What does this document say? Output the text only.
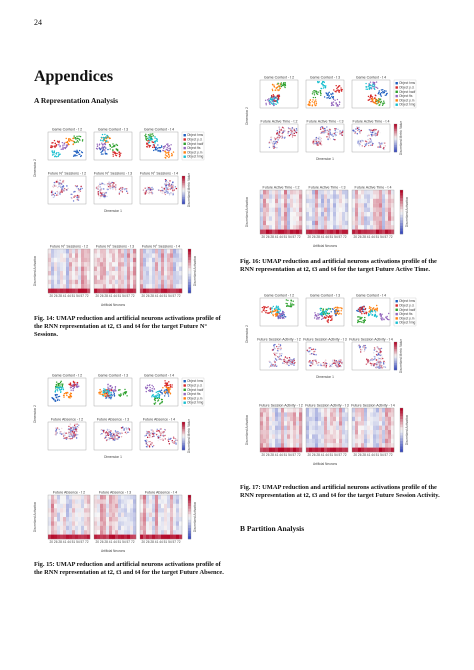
24
Appendices
A Representation Analysis
Game Context - t 2	Game Context - t 3	Game Context - t 4
Object hms
Object p.d.
Object hadf
Object fts
Object p.m
Object hmg
Future N° Sessions - t 2 Future N° Sessions - t 3 Future N° Sessions - t 4	Discretized Metric Value
Dimension 1
Dimension 2
Future N° Sessions - t 2
20 26 28 41 44 51 54 57 72
Future N° Sessions - t 3
20 26 28 41 44 51 54 57 72
Future N° Sessions - t 4
20 26 28 41 44 51 54 57 72
Discretized Activation
Discretized Activation
Artificial Neurons
Fig. 14: UMAP reduction and artificial neurons activations profile of the RNN representation at t2, t3 and t4 for the target Future N° Sessions.
Game Context - t 2	Game Context - t 3	Game Context - t 4
Object hms
Object p.d.
Object hadf
Object fts
Object p.m
Object hmg
Future Absence - t 2	Future Absence - t 3	Future Absence - t 4	Discretized Metric Value
Dimension 1
Dimension 2
Future Absence - t 2
20 26 28 41 44 51 54 57 72
Future Absence - t 3
20 26 28 41 44 51 54 57 72
Future Absence - t 4
20 26 28 41 44 51 54 57 72
Discretized Activation
Discretized Activation
Artificial Neurons
Fig. 15: UMAP reduction and artificial neurons activations profile of the RNN representation at t2, t3 and t4 for the target Future Absence.
Game Context - t 2	Game Context - t 3	Game Context - t 4
Object hms
Object p.d.
Object hadf
Object fts
Object p.m
Object hmg
Future Active Time - t 2	Future Active Time - t 3	Future Active Time - t 4	Discretized Metric Value
Dimension 1
Dimension 2
Future Active Time - t 2
20 26 28 41 44 51 54 57 72
Future Active Time - t 3
20 26 28 41 44 51 54 57 72
Future Active Time - t 4
20 26 28 41 44 51 54 57 72
Discretized Activation
Discretized Activation
Artificial Neurons
Fig. 16: UMAP reduction and artificial neurons activations profile of the RNN representation at t2, t3 and t4 for the target Future Active Time.
Game Context - t 2	Game Context - t 3	Game Context - t 4
Object hms
Object p.d.
Object hadf
Object fts
Object p.m
Object hmg
Future Session Activity - t 2 Future Session Activity - t 3 Future Session Activity - t 4 Discretized Metric Value
Dimension 1
Dimension 2
Future Session Activity - t 2
20 26 28 41 44 51 54 57 72
Future Session Activity - t 3
20 26 28 41 44 51 54 57 72
Future Session Activity - t 4
20 26 28 41 44 51 54 57 72
Discretized Activation
Discretized Activation
Artificial Neurons
Fig. 17: UMAP reduction and artificial neurons activations profile of the RNN representation at t2, t3 and t4 for the target Future Session Activity.
B Partition Analysis
